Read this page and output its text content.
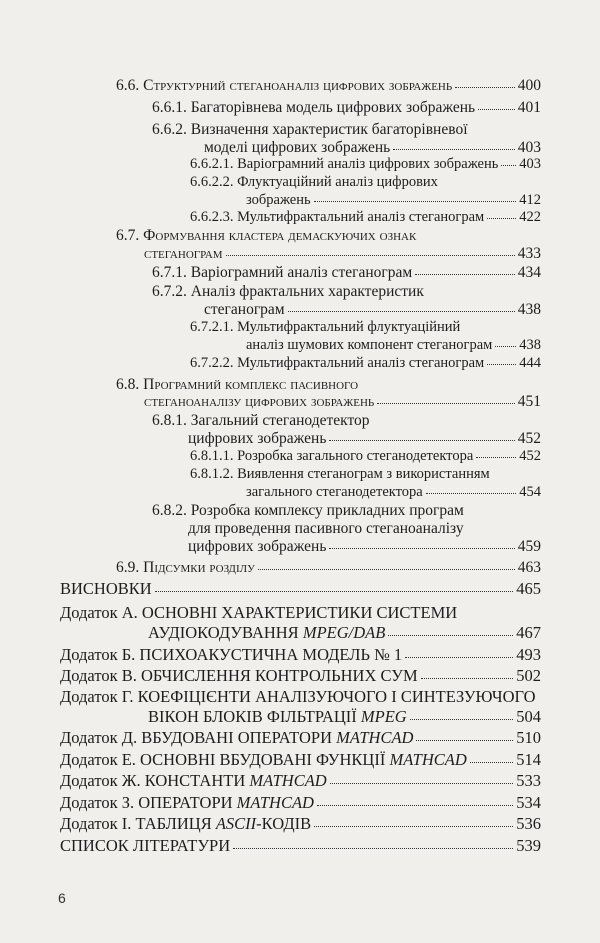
6.6. Структурний стеганоаналіз цифрових зображень	400
6.6.1. Багаторівнева модель цифрових зображень	401
6.6.2. Визначення характеристик багаторівневої
моделі цифрових зображень	403
6.6.2.1. Варіограмний аналіз цифрових зображень 403
6.6.2.2. Флуктуаційний аналіз цифрових
зображень	412
6.6.2.3. Мультифрактальний аналіз стеганограм 422
6.7. Формування кластера демаскуючих ознак
стеганограм	433
6.7.1. Варіограмний аналіз стеганограм	434
6.7.2. Аналіз фрактальних характеристик
стеганограм	438
6.7.2.1. Мультифрактальний флуктуаційний
аналіз шумових компонент стеганограм 438
6.7.2.2. Мультифрактальний аналіз стеганограм 444
6.8. Програмний комплекс пасивного
стеганоаналізу цифрових зображень	451
6.8.1. Загальний стеганодетектор
цифрових зображень	452
6.8.1.1. Розробка загального стеганодетектора	452
6.8.1.2. Виявлення стеганограм з використанням
загального стеганодетектора	454
6.8.2. Розробка комплексу прикладних програм
для проведення пасивного стеганоаналізу
цифрових зображень	459
6.9. Підсумки розділу	463
ВИСНОВКИ	465
Додаток А. ОСНОВНІ ХАРАКТЕРИСТИКИ СИСТЕМИ
АУДІОКОДУВАННЯ MPEG/DAB	467
Додаток Б. ПСИХОАКУСТИЧНА МОДЕЛЬ № 1	493
Додаток В. ОБЧИСЛЕННЯ КОНТРОЛЬНИХ СУМ	502
Додаток Г. КОЕФІЦІЄНТИ АНАЛІЗУЮЧОГО І СИНТЕЗУЮЧОГО
ВІКОН БЛОКІВ ФІЛЬТРАЦІЇ MPEG	504
Додаток Д. ВБУДОВАНІ ОПЕРАТОРИ MATHCAD	510
Додаток Е. ОСНОВНІ ВБУДОВАНІ ФУНКЦІЇ MATHCAD	514
Додаток Ж. КОНСТАНТИ MATHCAD	533
Додаток З. ОПЕРАТОРИ MATHCAD	534
Додаток І. ТАБЛИЦЯ ASCII-КОДІВ	536
СПИСОК ЛІТЕРАТУРИ	539
6
